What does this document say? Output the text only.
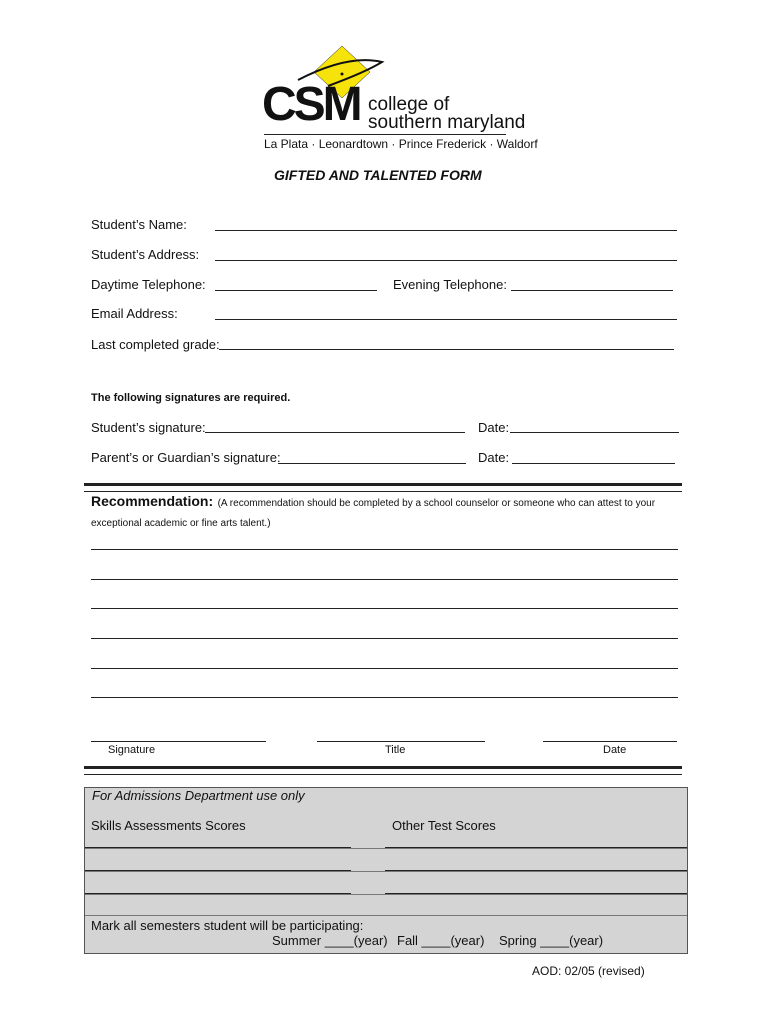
CSM college of
southern maryland
La Plata · Leonardtown · Prince Frederick · Waldorf
GIFTED AND TALENTED FORM
Student’s Name:
Student’s Address:
Daytime Telephone:	Evening Telephone:
Email Address:
Last completed grade:
The following signatures are required.
Student’s signature:	Date:
Parent’s or Guardian’s signature:	Date:
Recommendation: (A recommendation should be completed by a school counselor or someone who can attest to your
exceptional academic or fine arts talent.)
Signature	Title	Date
For Admissions Department use only
Skills Assessments Scores	Other Test Scores
Mark all semesters student will be participating:
Summer ____(year) Fall ____(year) Spring ____(year)
AOD: 02/05 (revised)
